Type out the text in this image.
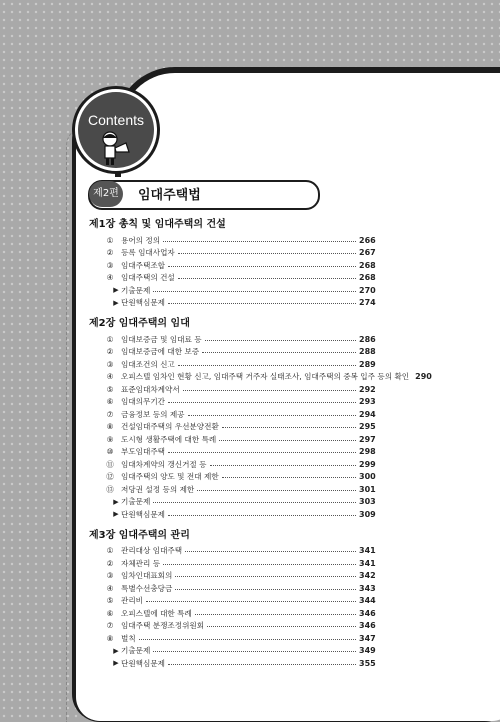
Contents
제2편	임대주택법
제1장 총칙 및 임대주택의 건설
① 용어의 정의	266
② 등록 임대사업자	267
③ 임대주택조합	268
④ 임대주택의 건설	268
▶ 기출문제	270
▶ 단원핵심문제	274
제2장 임대주택의 임대
① 임대보증금 및 임대료 등	286
② 임대보증금에 대한 보증	288
③ 임대조건의 신고	289
④ 오피스텔 임차인 현황 신고, 임대주택 거주자 실태조사, 임대주택의 중복 입주 등의 확인 290
⑤ 표준임대차계약서	292
⑥ 임대의무기간	293
⑦ 금융정보 등의 제공	294
⑧ 건설임대주택의 우선분양전환	295
⑨ 도시형 생활주택에 대한 특례	297
⑩ 부도임대주택	298
⑪ 임대차계약의 갱신거절 등	299
⑫ 임대주택의 양도 및 전대 제한	300
⑬ 저당권 설정 등의 제한	301
▶ 기출문제	303
▶ 단원핵심문제	309
제3장 임대주택의 관리
① 관리대상 임대주택	341
② 자체관리 등	341
③ 임차인대표회의	342
④ 특별수선충당금	343
⑤ 관리비	344
⑥ 오피스텔에 대한 특례	346
⑦ 임대주택 분쟁조정위원회	346
⑧ 벌칙	347
▶ 기출문제	349
▶ 단원핵심문제	355
